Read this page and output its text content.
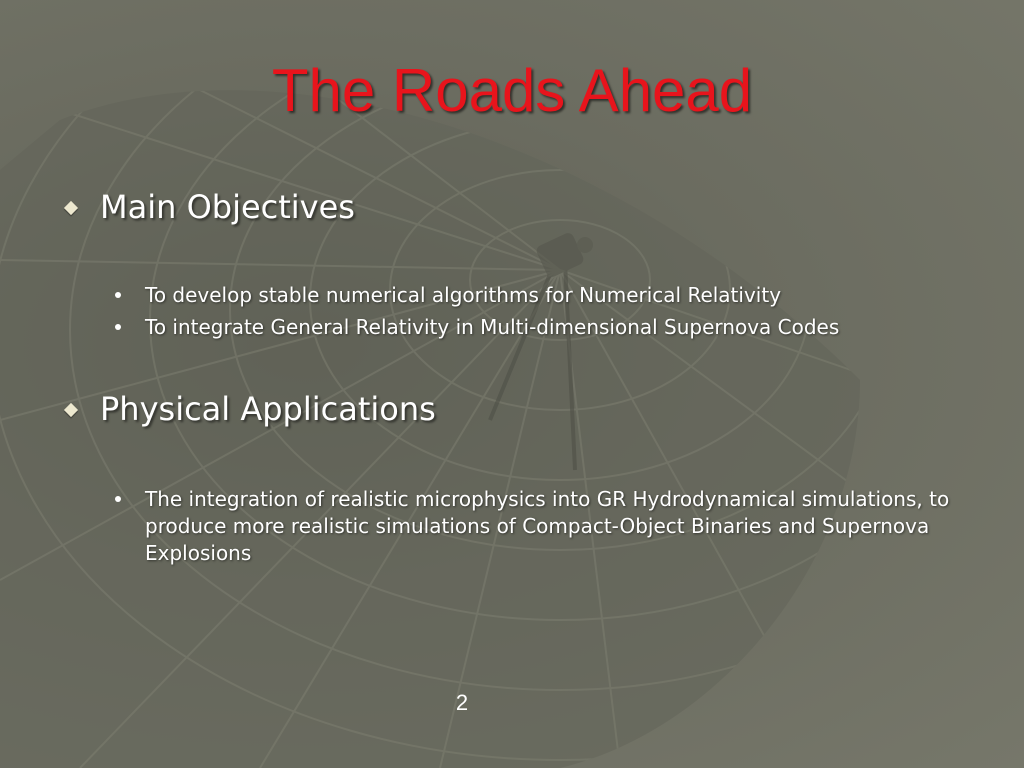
The Roads Ahead
Main Objectives
To develop stable numerical algorithms for Numerical Relativity
To integrate General Relativity in Multi-dimensional Supernova Codes
Physical Applications
The integration of realistic microphysics into GR Hydrodynamical simulations, to produce more realistic simulations of Compact-Object Binaries and Supernova Explosions
2
